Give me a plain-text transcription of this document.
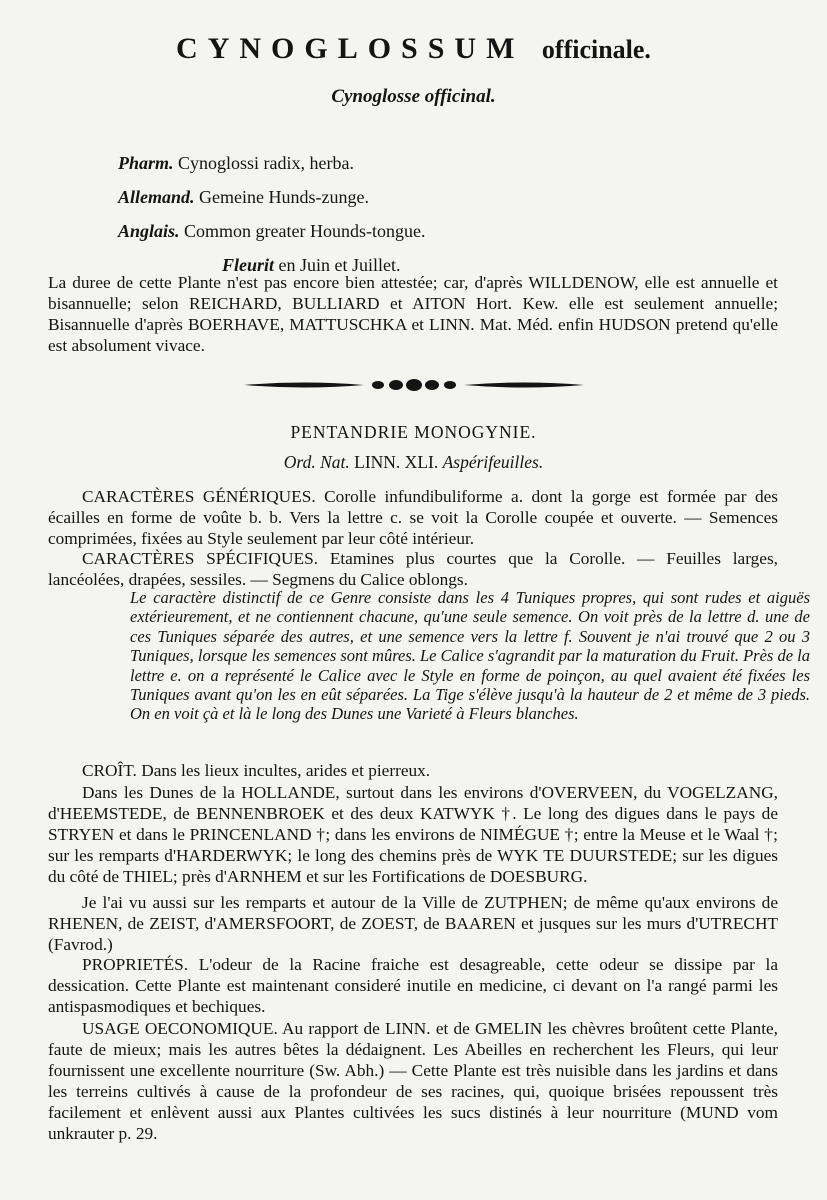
CYNOGLOSSUM officinale.
Cynoglosse officinal.
Pharm. Cynoglossi radix, herba.
Allemand. Gemeine Hunds-zunge.
Anglais. Common greater Hounds-tongue.
Fleurit en Juin et Juillet.

La duree de cette Plante n'est pas encore bien attestée; car, d'après WILLDENOW, elle est annuelle et bisannuelle; selon REICHARD, BULLIARD et AITON Hort. Kew. elle est seulement annuelle; Bisannuelle d'après BOERHAVE, MATTUSCHKA et LINN. Mat. Méd. enfin HUDSON pretend qu'elle est absolument vivace.

PENTANDRIE MONOGYNIE.
Ord. Nat. LINN. XLI. Aspérifeuilles.

CARACTÈRES GÉNÉRIQUES. Corolle infundibuliforme a. dont la gorge est formée par des écailles en forme de voûte b. b. Vers la lettre c. se voit la Corolle coupée et ouverte. — Semences comprimées, fixées au Style seulement par leur côté intérieur.

CARACTÈRES SPÉCIFIQUES. Etamines plus courtes que la Corolle. — Feuilles larges, lancéolées, drapées, sessiles. — Segmens du Calice oblongs.

Le caractère distinctif de ce Genre consiste dans les 4 Tuniques propres, qui sont rudes et aiguës extérieurement, et ne contiennent chacune, qu'une seule semence. On voit près de la lettre d. une de ces Tuniques séparée des autres, et une semence vers la lettre f. Souvent je n'ai trouvé que 2 ou 3 Tuniques, lorsque les semences sont mûres. Le Calice s'agrandit par la maturation du Fruit. Près de la lettre e. on a représenté le Calice avec le Style en forme de poinçon, au quel avaient été fixées les Tuniques avant qu'on les en eût séparées. La Tige s'élève jusqu'à la hauteur de 2 et même de 3 pieds. On en voit çà et là le long des Dunes une Varieté à Fleurs blanches.

CROÎT. Dans les lieux incultes, arides et pierreux.

Dans les Dunes de la HOLLANDE, surtout dans les environs d'OVERVEEN, du VOGELZANG, d'HEEMSTEDE, de BENNENBROEK et des deux KATWYK †. Le long des digues dans le pays de STRYEN et dans le PRINCENLAND †; dans les environs de NIMÉGUE †; entre la Meuse et le Waal †; sur les remparts d'HARDERWYK; le long des chemins près de WYK TE DUURSTEDE; sur les digues du côté de THIEL; près d'ARNHEM et sur les Fortifications de DOESBURG.

Je l'ai vu aussi sur les remparts et autour de la Ville de ZUTPHEN; de même qu'aux environs de RHENEN, de ZEIST, d'AMERSFOORT, de ZOEST, de BAAREN et jusques sur les murs d'UTRECHT (Favrod.)

PROPRIETÉS. L'odeur de la Racine fraiche est desagreable, cette odeur se dissipe par la dessication. Cette Plante est maintenant consideré inutile en medicine, ci devant on l'a rangé parmi les antispasmodiques et bechiques.

USAGE OECONOMIQUE. Au rapport de LINN. et de GMELIN les chèvres broûtent cette Plante, faute de mieux; mais les autres bêtes la dédaignent. Les Abeilles en recherchent les Fleurs, qui leur fournissent une excellente nourriture (Sw. Abh.) — Cette Plante est très nuisible dans les jardins et dans les terreins cultivés à cause de la profondeur de ses racines, qui, quoique brisées repoussent très facilement et enlèvent aussi aux Plantes cultivées les sucs distinés à leur nourriture (MUND vom unkrauter p. 29.
